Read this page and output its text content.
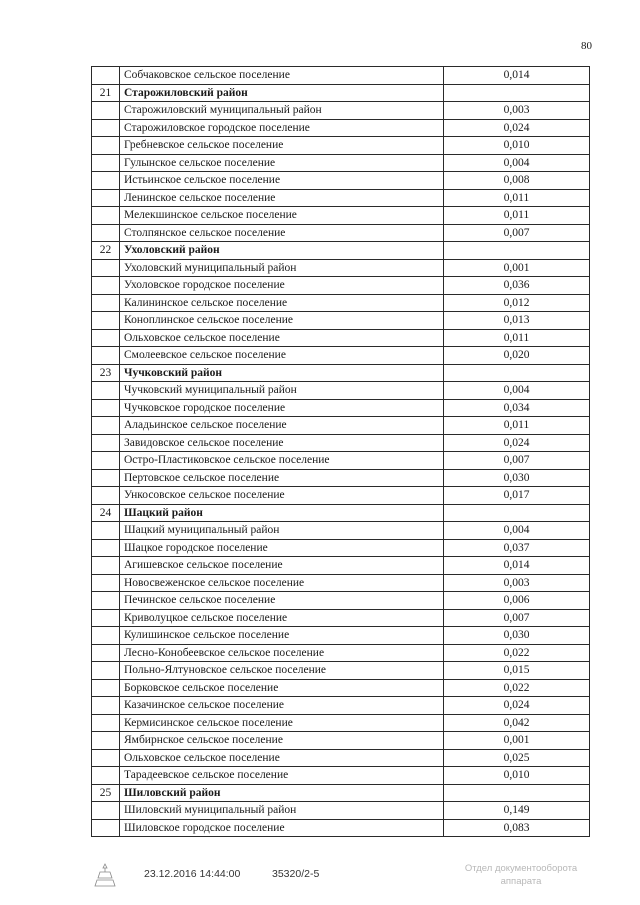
80
	Собчаковское сельское поселение	0,014
21	Старожиловский район	
	Старожиловский муниципальный район	0,003
	Старожиловское городское поселение	0,024
	Гребневское сельское поселение	0,010
	Гулынское сельское поселение	0,004
	Истьинское сельское поселение	0,008
	Ленинское сельское поселение	0,011
	Мелекшинское сельское поселение	0,011
	Столпянское сельское поселение	0,007
22	Ухоловский район	
	Ухоловский муниципальный район	0,001
	Ухоловское городское поселение	0,036
	Калининское сельское поселение	0,012
	Коноплинское сельское поселение	0,013
	Ольховское сельское поселение	0,011
	Смолеевское сельское поселение	0,020
23	Чучковский район	
	Чучковский муниципальный район	0,004
	Чучковское городское поселение	0,034
	Аладьинское сельское поселение	0,011
	Завидовское сельское поселение	0,024
	Остро-Пластиковское сельское поселение	0,007
	Пертовское сельское поселение	0,030
	Ункосовское сельское поселение	0,017
24	Шацкий район	
	Шацкий муниципальный район	0,004
	Шацкое городское поселение	0,037
	Агишевское сельское поселение	0,014
	Новосвеженское сельское поселение	0,003
	Печинское сельское поселение	0,006
	Криволуцкое сельское поселение	0,007
	Кулишинское сельское поселение	0,030
	Лесно-Конобеевское сельское поселение	0,022
	Польно-Ялтуновское сельское поселение	0,015
	Борковское сельское поселение	0,022
	Казачинское сельское поселение	0,024
	Кермисинское сельское поселение	0,042
	Ямбирнское сельское поселение	0,001
	Ольховское сельское поселение	0,025
	Тарадеевское сельское поселение	0,010
25	Шиловский район	
	Шиловский муниципальный район	0,149
	Шиловское городское поселение	0,083
23.12.2016 14:44:00	35320/2-5	Отдел документооборота
аппарата
